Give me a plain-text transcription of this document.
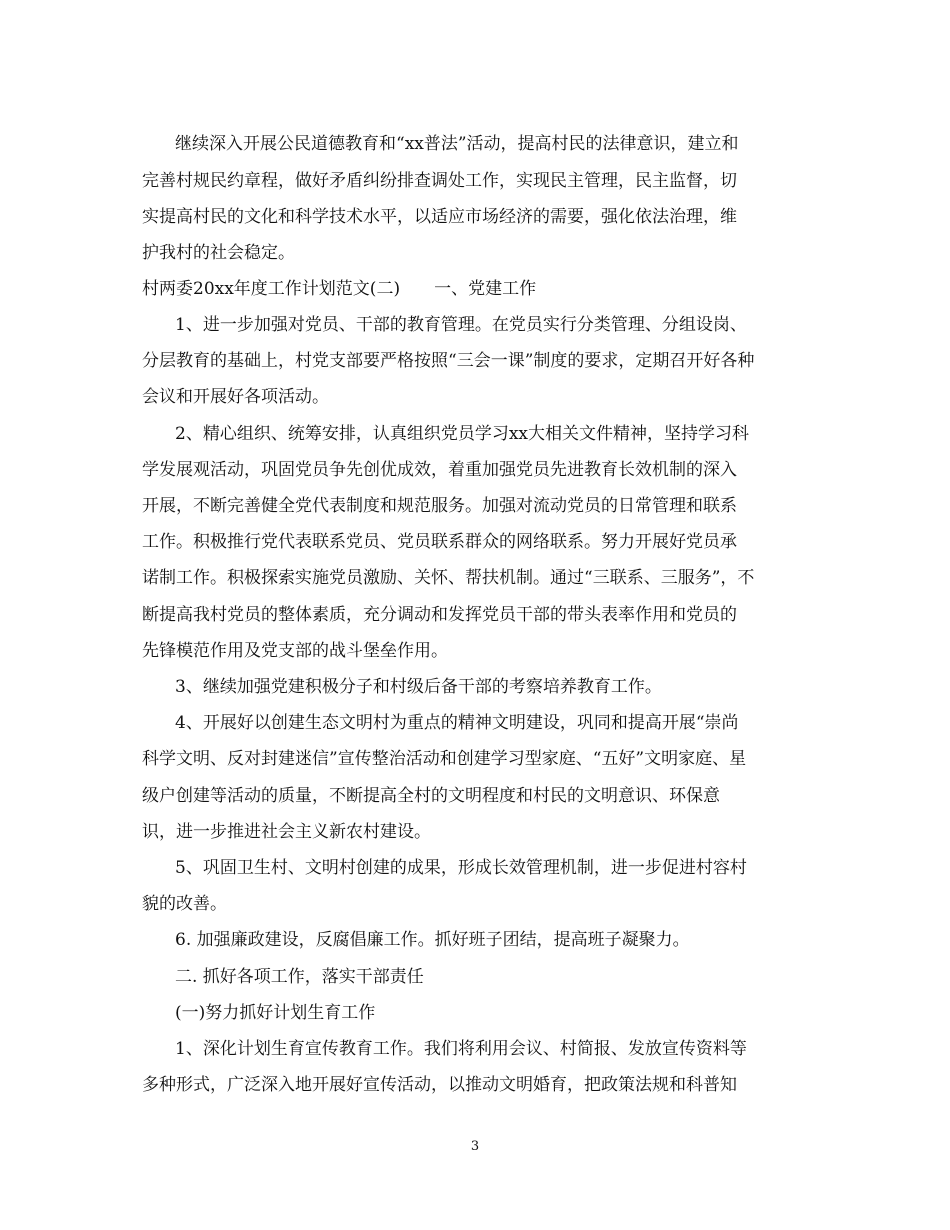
继续深入开展公民道德教育和“xx普法”活动，提高村民的法律意识，建立和
完善村规民约章程，做好矛盾纠纷排查调处工作，实现民主管理，民主监督，切
实提高村民的文化和科学技术水平，以适应市场经济的需要，强化依法治理，维
护我村的社会稳定。
村两委20xx年度工作计划范文(二)　　一、党建工作
1、进一步加强对党员、干部的教育管理。在党员实行分类管理、分组设岗、
分层教育的基础上，村党支部要严格按照“三会一课”制度的要求，定期召开好各种
会议和开展好各项活动。
2、精心组织、统筹安排，认真组织党员学习xx大相关文件精神，坚持学习科
学发展观活动，巩固党员争先创优成效，着重加强党员先进教育长效机制的深入
开展，不断完善健全党代表制度和规范服务。加强对流动党员的日常管理和联系
工作。积极推行党代表联系党员、党员联系群众的网络联系。努力开展好党员承
诺制工作。积极探索实施党员激励、关怀、帮扶机制。通过“三联系、三服务”，不
断提高我村党员的整体素质，充分调动和发挥党员干部的带头表率作用和党员的
先锋模范作用及党支部的战斗堡垒作用。
3、继续加强党建积极分子和村级后备干部的考察培养教育工作。
4、开展好以创建生态文明村为重点的精神文明建设，巩同和提高开展“崇尚
科学文明、反对封建迷信”宣传整治活动和创建学习型家庭、“五好”文明家庭、星
级户创建等活动的质量，不断提高全村的文明程度和村民的文明意识、环保意
识，进一步推进社会主义新农村建设。
5、巩固卫生村、文明村创建的成果，形成长效管理机制，进一步促进村容村
貌的改善。
6. 加强廉政建设，反腐倡廉工作。抓好班子团结，提高班子凝聚力。
二. 抓好各项工作，落实干部责任
(一)努力抓好计划生育工作
1、深化计划生育宣传教育工作。我们将利用会议、村简报、发放宣传资料等
多种形式，广泛深入地开展好宣传活动，以推动文明婚育，把政策法规和科普知
3
